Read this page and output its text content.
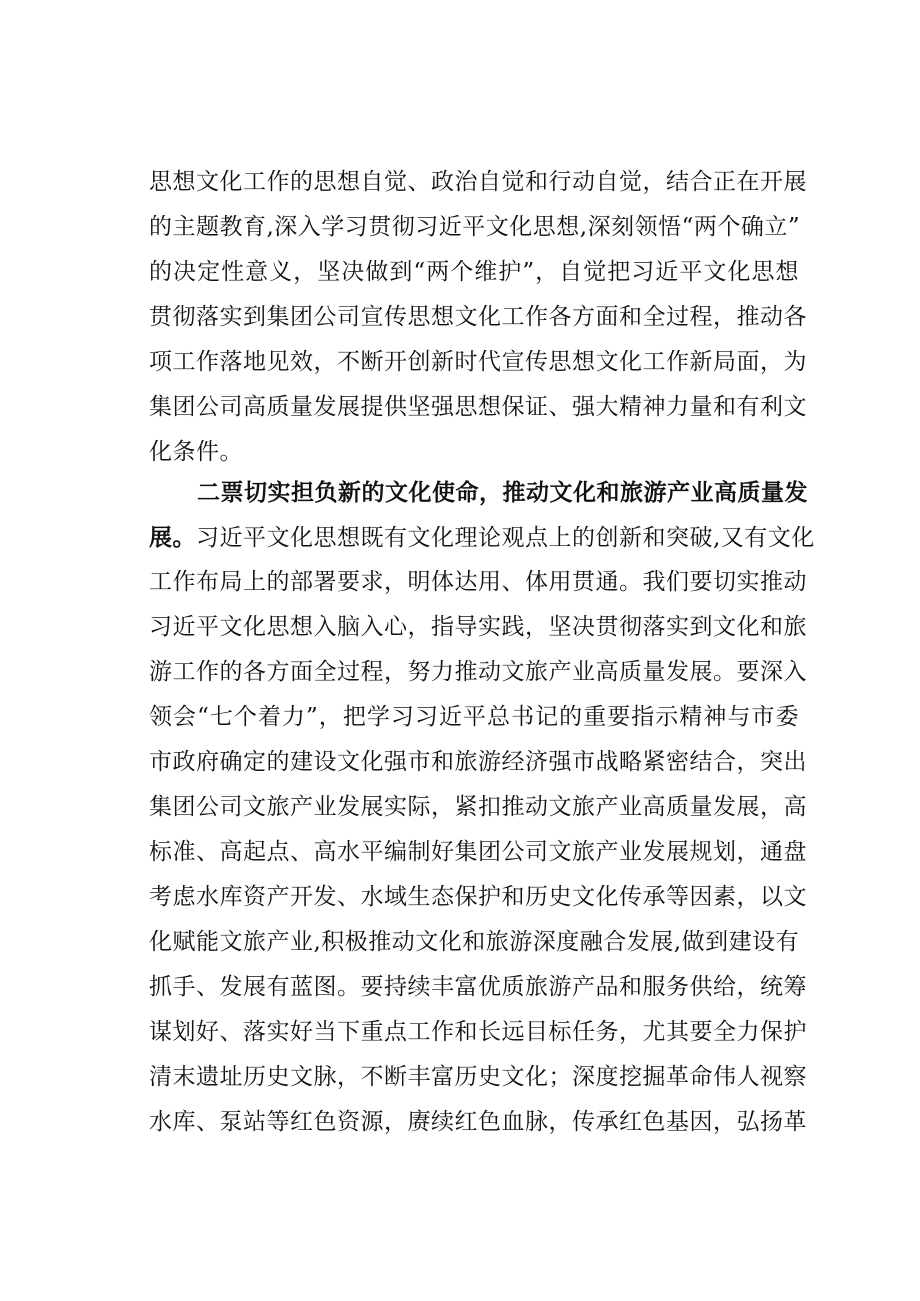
思想文化工作的思想自觉、政治自觉和行动自觉，结合正在开展
的主题教育,深入学习贯彻习近平文化思想,深刻领悟“两个确立”
的决定性意义，坚决做到“两个维护”，自觉把习近平文化思想
贯彻落实到集团公司宣传思想文化工作各方面和全过程，推动各
项工作落地见效，不断开创新时代宣传思想文化工作新局面，为
集团公司高质量发展提供坚强思想保证、强大精神力量和有利文
化条件。
二票切实担负新的文化使命，推动文化和旅游产业高质量发
展。习近平文化思想既有文化理论观点上的创新和突破,又有文化
工作布局上的部署要求，明体达用、体用贯通。我们要切实推动
习近平文化思想入脑入心，指导实践，坚决贯彻落实到文化和旅
游工作的各方面全过程，努力推动文旅产业高质量发展。要深入
领会“七个着力”，把学习习近平总书记的重要指示精神与市委
市政府确定的建设文化强市和旅游经济强市战略紧密结合，突出
集团公司文旅产业发展实际，紧扣推动文旅产业高质量发展，高
标准、高起点、高水平编制好集团公司文旅产业发展规划，通盘
考虑水库资产开发、水域生态保护和历史文化传承等因素，以文
化赋能文旅产业,积极推动文化和旅游深度融合发展,做到建设有
抓手、发展有蓝图。要持续丰富优质旅游产品和服务供给，统筹
谋划好、落实好当下重点工作和长远目标任务，尤其要全力保护
清末遗址历史文脉，不断丰富历史文化；深度挖掘革命伟人视察
水库、泵站等红色资源，赓续红色血脉，传承红色基因，弘扬革
